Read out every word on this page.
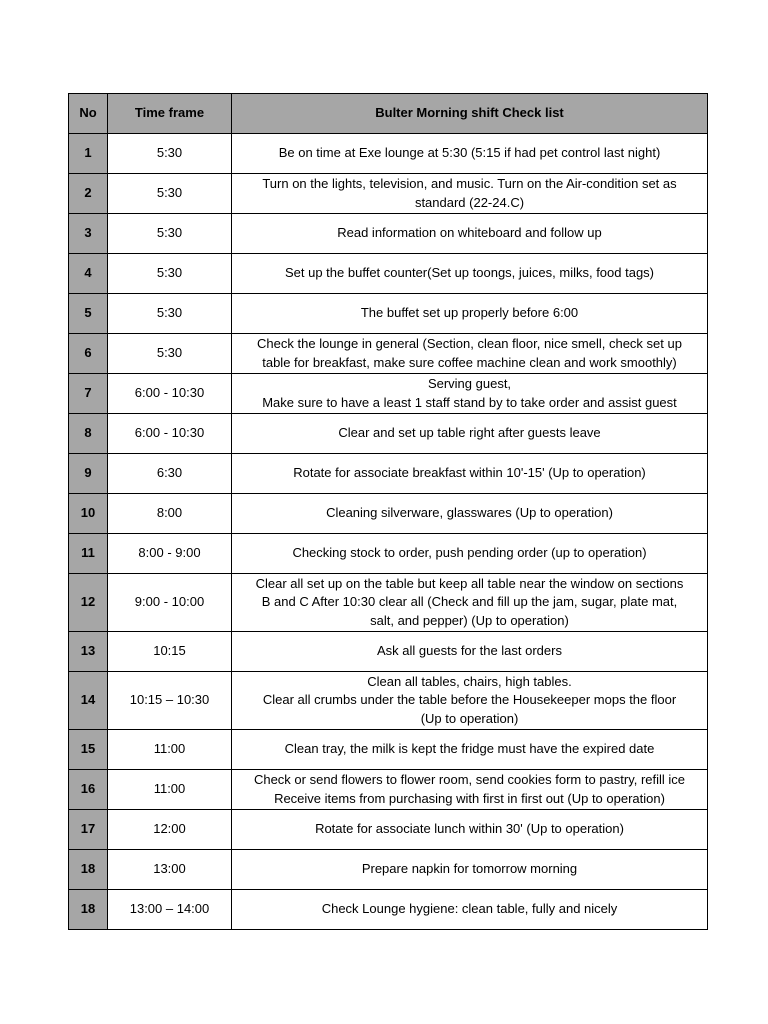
No	Time frame	Bulter Morning shift Check list
1	5:30	Be on time at Exe lounge at 5:30 (5:15 if had pet control last night)

2	5:30	Turn on the lights, television, and music. Turn on the Air-condition set as
standard (22-24.C)

3	5:30	Read information on whiteboard and follow up

4	5:30	Set up the buffet counter(Set up toongs, juices, milks, food tags)

5	5:30	The buffet set up properly before 6:00

6	5:30	Check the lounge in general (Section, clean floor, nice smell, check set up
table for breakfast, make sure coffee machine clean and work smoothly)

7	6:00 - 10:30	Serving guest,
Make sure to have a least 1 staff stand by to take order and assist guest

8	6:00 - 10:30	Clear and set up table right after guests leave

9	6:30	Rotate for associate breakfast within 10'-15' (Up to operation)

10	8:00	Cleaning silverware, glasswares (Up to operation)

11	8:00 - 9:00	Checking stock to order, push pending order (up to operation)

12	9:00 - 10:00	Clear all set up on the table but keep all table near the window on sections
B and C After 10:30 clear all (Check and fill up the jam, sugar, plate mat,
salt, and pepper) (Up to operation)

13	10:15	Ask all guests for the last orders

14	10:15 – 10:30	Clean all tables, chairs, high tables.
Clear all crumbs under the table before the Housekeeper mops the floor
(Up to operation)

15	11:00	Clean tray, the milk is kept the fridge must have the expired date

16	11:00	Check or send flowers to flower room, send cookies form to pastry, refill ice
Receive items from purchasing with first in first out (Up to operation)

17	12:00	Rotate for associate lunch within 30' (Up to operation)

18	13:00	Prepare napkin for tomorrow morning

18	13:00 – 14:00	Check Lounge hygiene: clean table, fully and nicely
